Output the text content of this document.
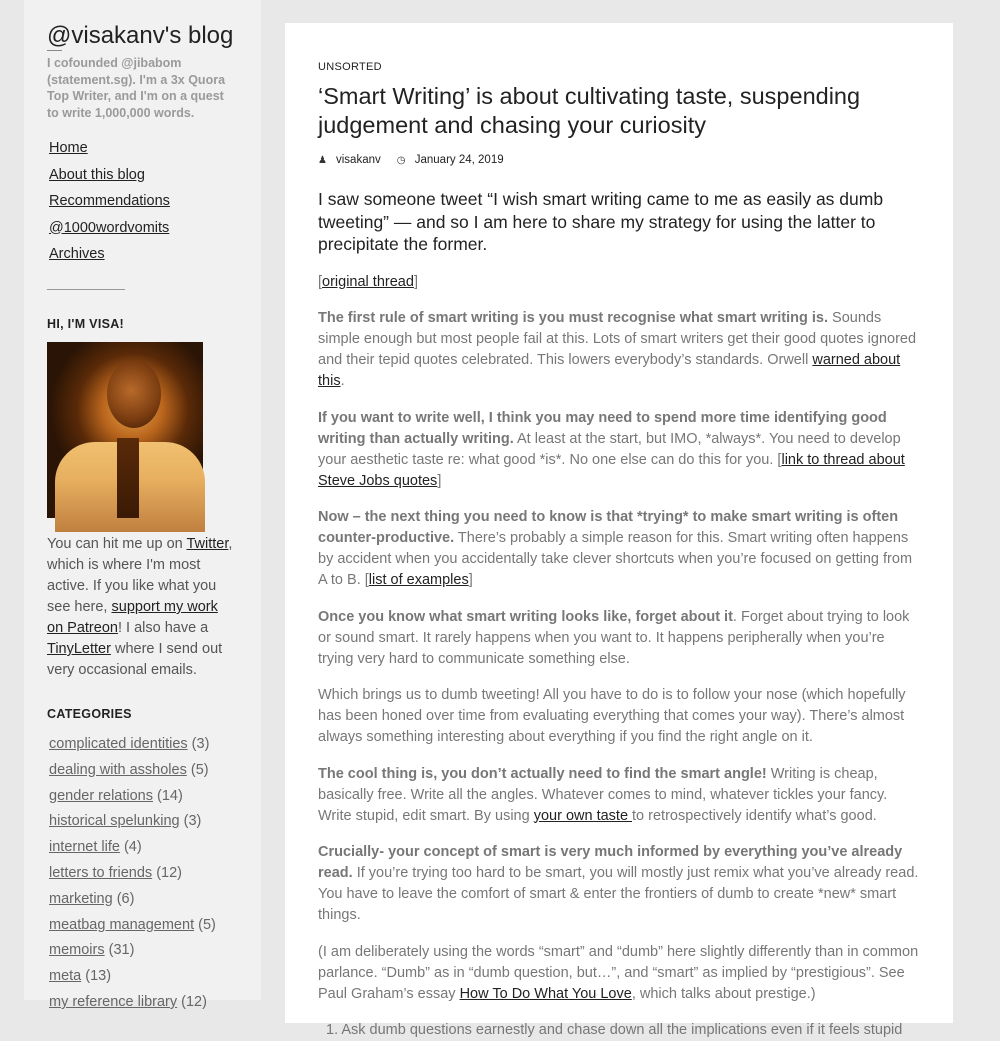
@visakanv's blog

I cofounded @jibabom (statement.sg). I'm a 3x Quora Top Writer, and I'm on a quest to write 1,000,000 words.

Home
About this blog
Recommendations
@1000wordvomits
Archives
HI, I'M VISA!

You can hit me up on Twitter, which is where I'm most active. If you like what you see here, support my work on Patreon! I also have a TinyLetter where I send out very occasional emails.

CATEGORIES
complicated identities (3)
dealing with assholes (5)
gender relations (14)
historical spelunking (3)
internet life (4)
letters to friends (12)
marketing (6)
meatbag management (5)
memoirs (31)
meta (13)
my reference library (12)

UNSORTED

‘Smart Writing’ is about cultivating taste, suspending judgement and chasing your curiosity
♟ visakanv ◷ January 24, 2019

I saw someone tweet “I wish smart writing came to me as easily as dumb tweeting” — and so I am here to share my strategy for using the latter to precipitate the former.

[original thread]

The first rule of smart writing is you must recognise what smart writing is. Sounds simple enough but most people fail at this. Lots of smart writers get their good quotes ignored and their tepid quotes celebrated. This lowers everybody’s standards. Orwell warned about this.

If you want to write well, I think you may need to spend more time identifying good writing than actually writing. At least at the start, but IMO, *always*. You need to develop your aesthetic taste re: what good *is*. No one else can do this for you. [link to thread about Steve Jobs quotes]

Now – the next thing you need to know is that *trying* to make smart writing is often counter-productive. There’s probably a simple reason for this. Smart writing often happens by accident when you accidentally take clever shortcuts when you’re focused on getting from A to B. [list of examples]

Once you know what smart writing looks like, forget about it. Forget about trying to look or sound smart. It rarely happens when you want to. It happens peripherally when you’re trying very hard to communicate something else.

Which brings us to dumb tweeting! All you have to do is to follow your nose (which hopefully has been honed over time from evaluating everything that comes your way). There’s almost always something interesting about everything if you find the right angle on it.

The cool thing is, you don’t actually need to find the smart angle! Writing is cheap, basically free. Write all the angles. Whatever comes to mind, whatever tickles your fancy. Write stupid, edit smart. By using your own taste to retrospectively identify what’s good.

Crucially- your concept of smart is very much informed by everything you’ve already read. If you’re trying too hard to be smart, you will mostly just remix what you’ve already read. You have to leave the comfort of smart & enter the frontiers of dumb to create *new* smart things.

(I am deliberately using the words “smart” and “dumb” here slightly differently than in common parlance. “Dumb” as in “dumb question, but…”, and “smart” as implied by “prestigious”. See Paul Graham’s essay How To Do What You Love, which talks about prestige.)

1. Ask dumb questions earnestly and chase down all the implications even if it feels stupid
